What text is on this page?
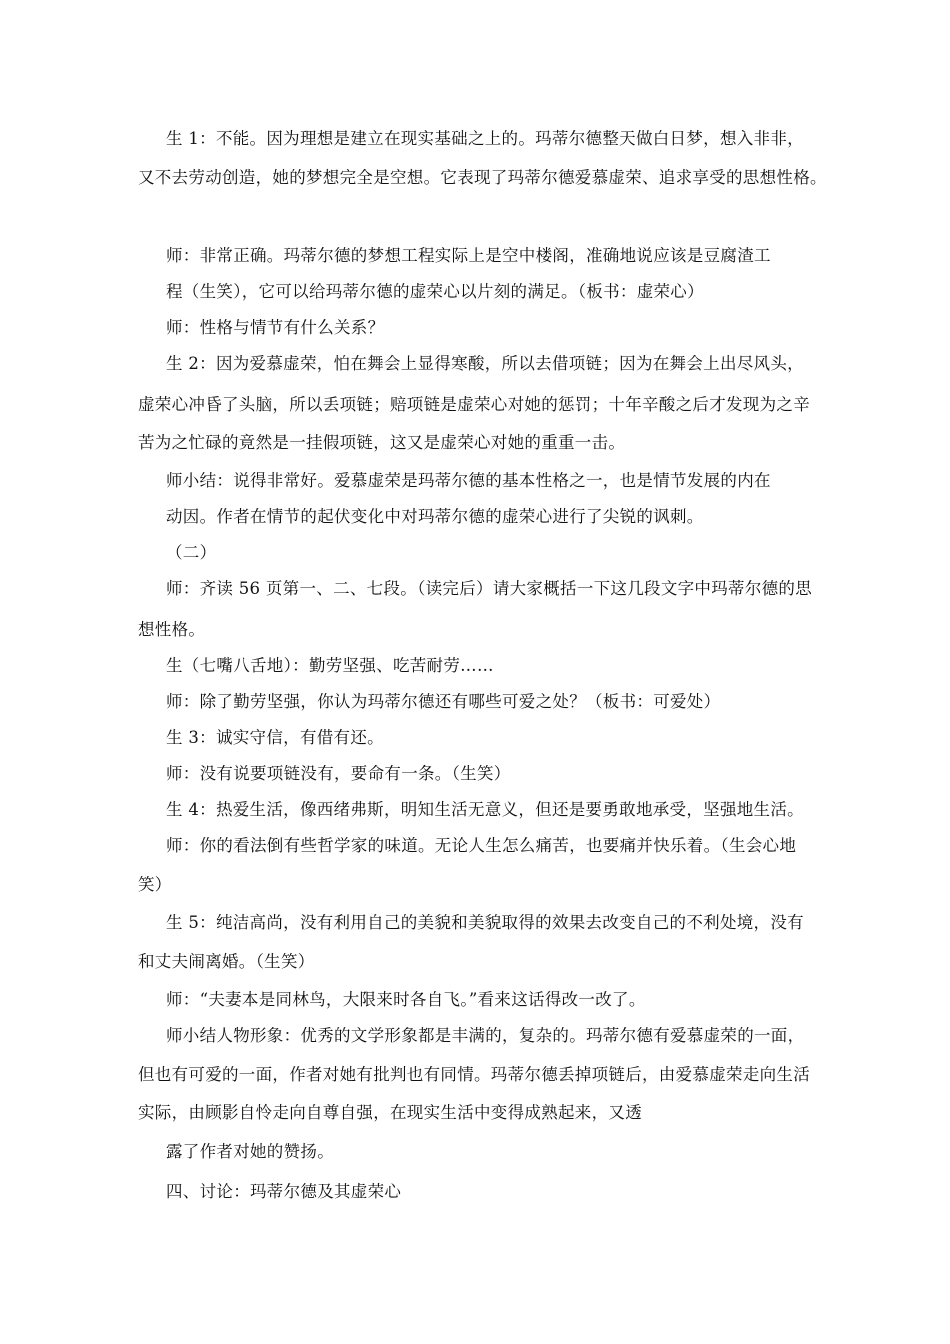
生 1：不能。因为理想是建立在现实基础之上的。玛蒂尔德整天做白日梦，想入非非，

又不去劳动创造，她的梦想完全是空想。它表现了玛蒂尔德爱慕虚荣、追求享受的思想性格。

师：非常正确。玛蒂尔德的梦想工程实际上是空中楼阁，准确地说应该是豆腐渣工

程（生笑），它可以给玛蒂尔德的虚荣心以片刻的满足。（板书：虚荣心）

师：性格与情节有什么关系？

生 2：因为爱慕虚荣，怕在舞会上显得寒酸，所以去借项链；因为在舞会上出尽风头，

虚荣心冲昏了头脑，所以丢项链；赔项链是虚荣心对她的惩罚；十年辛酸之后才发现为之辛

苦为之忙碌的竟然是一挂假项链，这又是虚荣心对她的重重一击。

师小结：说得非常好。爱慕虚荣是玛蒂尔德的基本性格之一，也是情节发展的内在

动因。作者在情节的起伏变化中对玛蒂尔德的虚荣心进行了尖锐的讽刺。

（二）

师：齐读 56 页第一、二、七段。（读完后）请大家概括一下这几段文字中玛蒂尔德的思

想性格。

生（七嘴八舌地）：勤劳坚强、吃苦耐劳……

师：除了勤劳坚强，你认为玛蒂尔德还有哪些可爱之处？（板书：可爱处）

生 3：诚实守信，有借有还。

师：没有说要项链没有，要命有一条。（生笑）

生 4：热爱生活，像西绪弗斯，明知生活无意义，但还是要勇敢地承受，坚强地生活。

师：你的看法倒有些哲学家的味道。无论人生怎么痛苦，也要痛并快乐着。（生会心地

笑）

生 5：纯洁高尚，没有利用自己的美貌和美貌取得的效果去改变自己的不利处境，没有

和丈夫闹离婚。（生笑）

师：“夫妻本是同林鸟，大限来时各自飞。”看来这话得改一改了。

师小结人物形象：优秀的文学形象都是丰满的，复杂的。玛蒂尔德有爱慕虚荣的一面，

但也有可爱的一面，作者对她有批判也有同情。玛蒂尔德丢掉项链后，由爱慕虚荣走向生活

实际，由顾影自怜走向自尊自强，在现实生活中变得成熟起来，又透

露了作者对她的赞扬。

四、讨论：玛蒂尔德及其虚荣心
